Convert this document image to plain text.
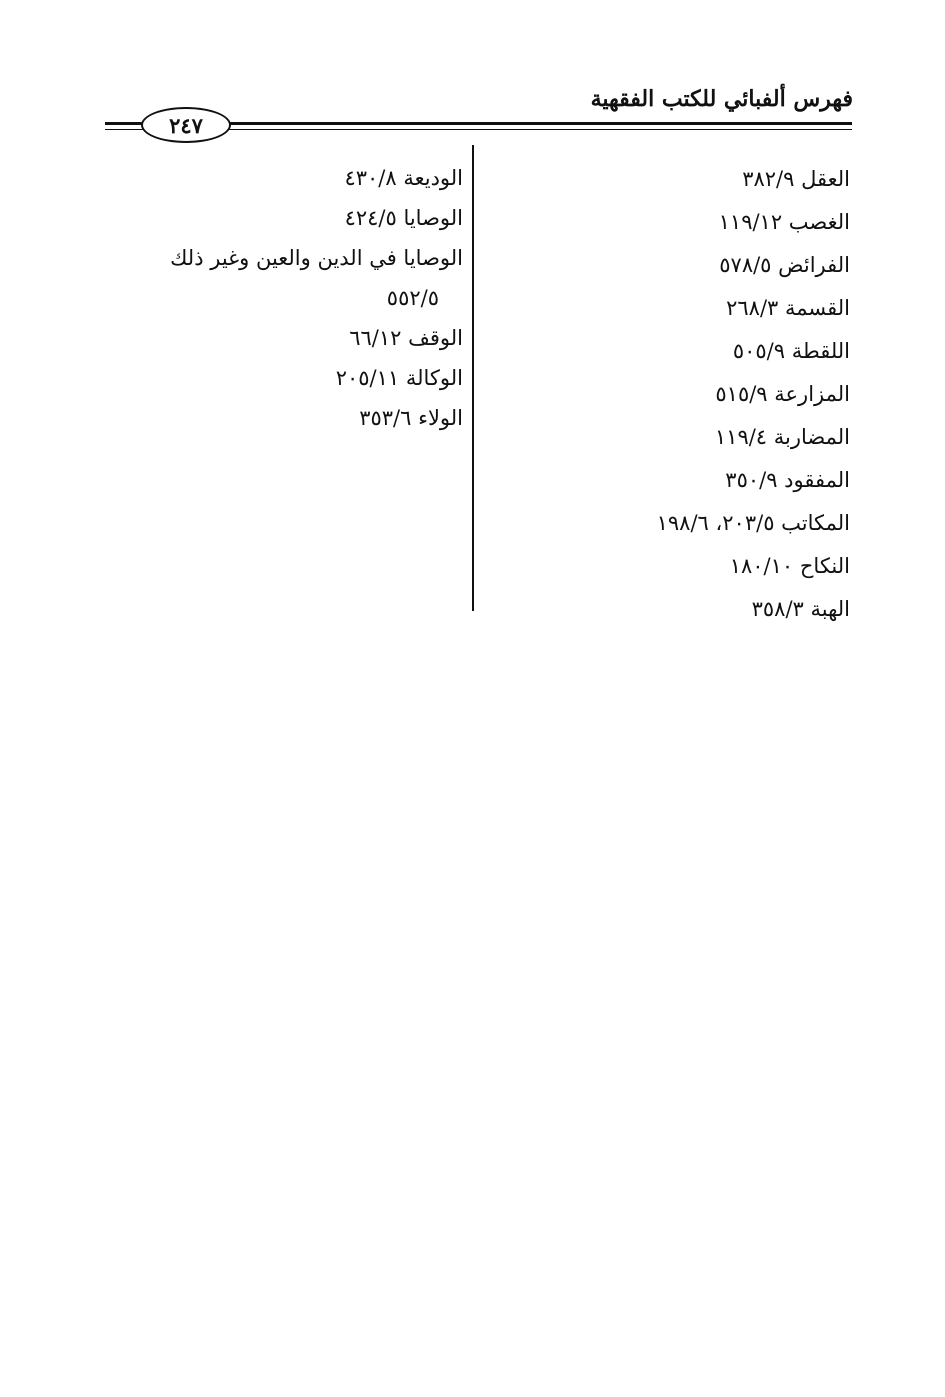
فهرس ألفبائي للكتب الفقهية
٢٤٧
العقل ٣٨٢/٩
الغصب ١١٩/١٢
الفرائض ٥٧٨/٥
القسمة ٢٦٨/٣
اللقطة ٥٠٥/٩
المزارعة ٥١٥/٩
المضاربة ١١٩/٤
المفقود ٣٥٠/٩
المكاتب ٢٠٣/٥، ١٩٨/٦
النكاح ١٨٠/١٠
الهبة ٣٥٨/٣
الوديعة ٤٣٠/٨
الوصايا ٤٢٤/٥
الوصايا في الدين والعين وغير ذلك
٥٥٢/٥
الوقف ٦٦/١٢
الوكالة ٢٠٥/١١
الولاء ٣٥٣/٦
